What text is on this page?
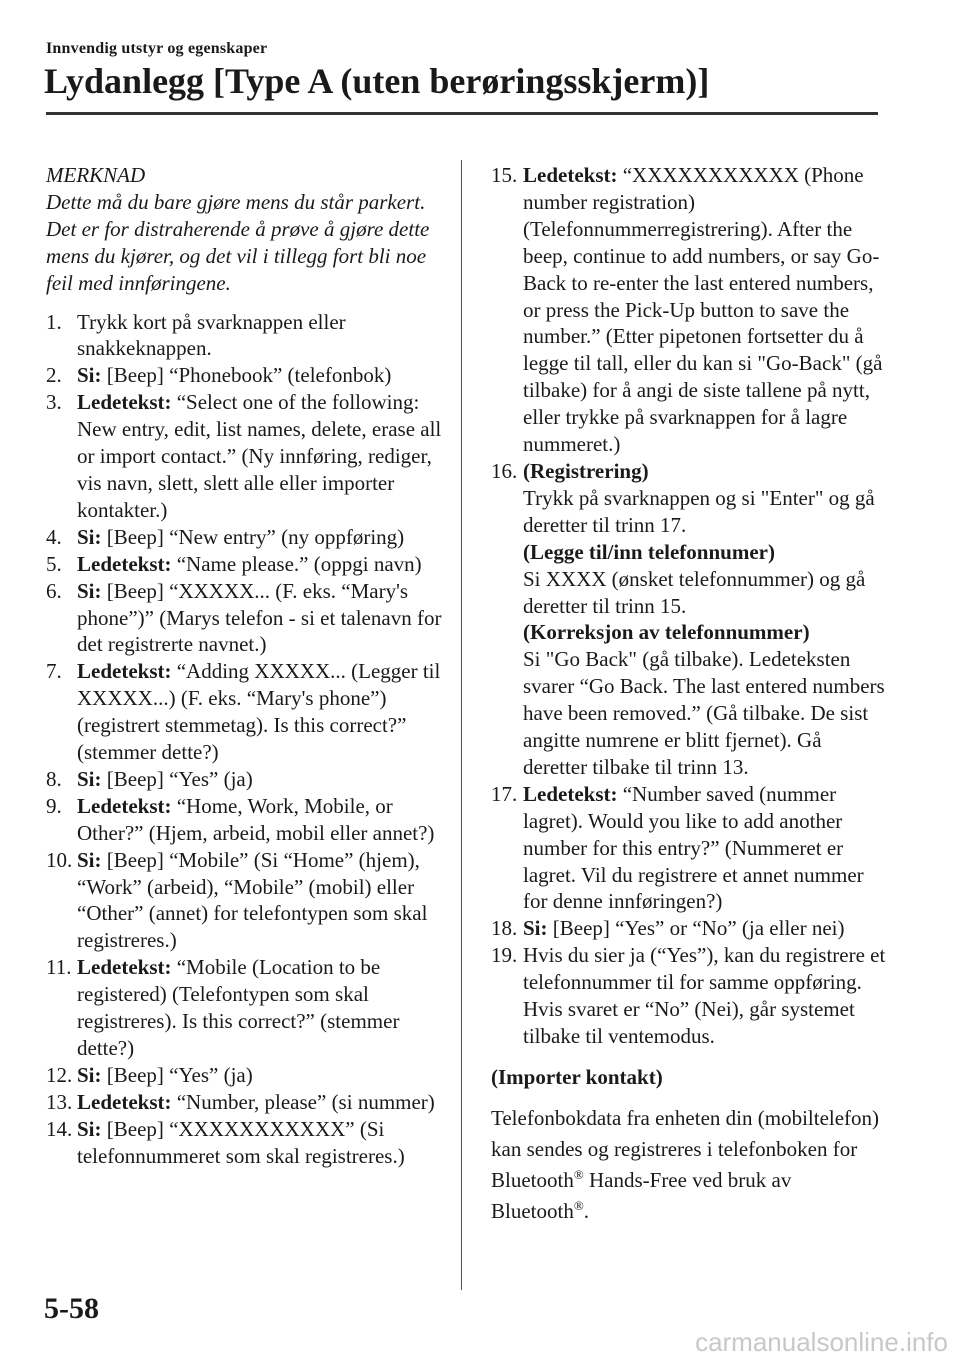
Innvendig utstyr og egenskaper
Lydanlegg [Type A (uten berøringsskjerm)]
MERKNAD
Dette må du bare gjøre mens du står parkert. Det er for distraherende å prøve å gjøre dette mens du kjører, og det vil i tillegg fort bli noe feil med innføringene.
1. Trykk kort på svarknappen eller snakkeknappen.
2. Si: [Beep] “Phonebook” (telefonbok)
3. Ledetekst: “Select one of the following: New entry, edit, list names, delete, erase all or import contact.” (Ny innføring, rediger, vis navn, slett, slett alle eller importer kontakter.)
4. Si: [Beep] “New entry” (ny oppføring)
5. Ledetekst: “Name please.” (oppgi navn)
6. Si: [Beep] “XXXXX... (F. eks. “Mary's phone”)” (Marys telefon - si et talenavn for det registrerte navnet.)
7. Ledetekst: “Adding XXXXX... (Legger til XXXXX...) (F. eks. “Mary's phone”) (registrert stemmetag). Is this correct?” (stemmer dette?)
8. Si: [Beep] “Yes” (ja)
9. Ledetekst: “Home, Work, Mobile, or Other?” (Hjem, arbeid, mobil eller annet?)
10. Si: [Beep] “Mobile” (Si “Home” (hjem), “Work” (arbeid), “Mobile” (mobil) eller “Other” (annet) for telefontypen som skal registreres.)
11. Ledetekst: “Mobile (Location to be registered) (Telefontypen som skal registreres). Is this correct?” (stemmer dette?)
12. Si: [Beep] “Yes” (ja)
13. Ledetekst: “Number, please” (si nummer)
14. Si: [Beep] “XXXXXXXXXXX” (Si telefonnummeret som skal registreres.)
15. Ledetekst: “XXXXXXXXXXX (Phone number registration) (Telefonnummerregistrering). After the beep, continue to add numbers, or say Go-Back to re-enter the last entered numbers, or press the Pick-Up button to save the number.” (Etter pipetonen fortsetter du å legge til tall, eller du kan si "Go-Back" (gå tilbake) for å angi de siste tallene på nytt, eller trykke på svarknappen for å lagre nummeret.)
16. (Registrering)
Trykk på svarknappen og si "Enter" og gå deretter til trinn 17.
(Legge til/inn telefonnumer)
Si XXXX (ønsket telefonnummer) og gå deretter til trinn 15.
(Korreksjon av telefonnummer)
Si "Go Back" (gå tilbake). Ledeteksten svarer “Go Back. The last entered numbers have been removed.” (Gå tilbake. De sist angitte numrene er blitt fjernet). Gå deretter tilbake til trinn 13.
17. Ledetekst: “Number saved (nummer lagret). Would you like to add another number for this entry?” (Nummeret er lagret. Vil du registrere et annet nummer for denne innføringen?)
18. Si: [Beep] “Yes” or “No” (ja eller nei)
19. Hvis du sier ja (“Yes”), kan du registrere et telefonnummer til for samme oppføring.
Hvis svaret er “No” (Nei), går systemet tilbake til ventemodus.
(Importer kontakt)
Telefonbokdata fra enheten din (mobiltelefon) kan sendes og registreres i telefonboken for Bluetooth® Hands-Free ved bruk av Bluetooth®.
5-58
carmanualsonline.info
